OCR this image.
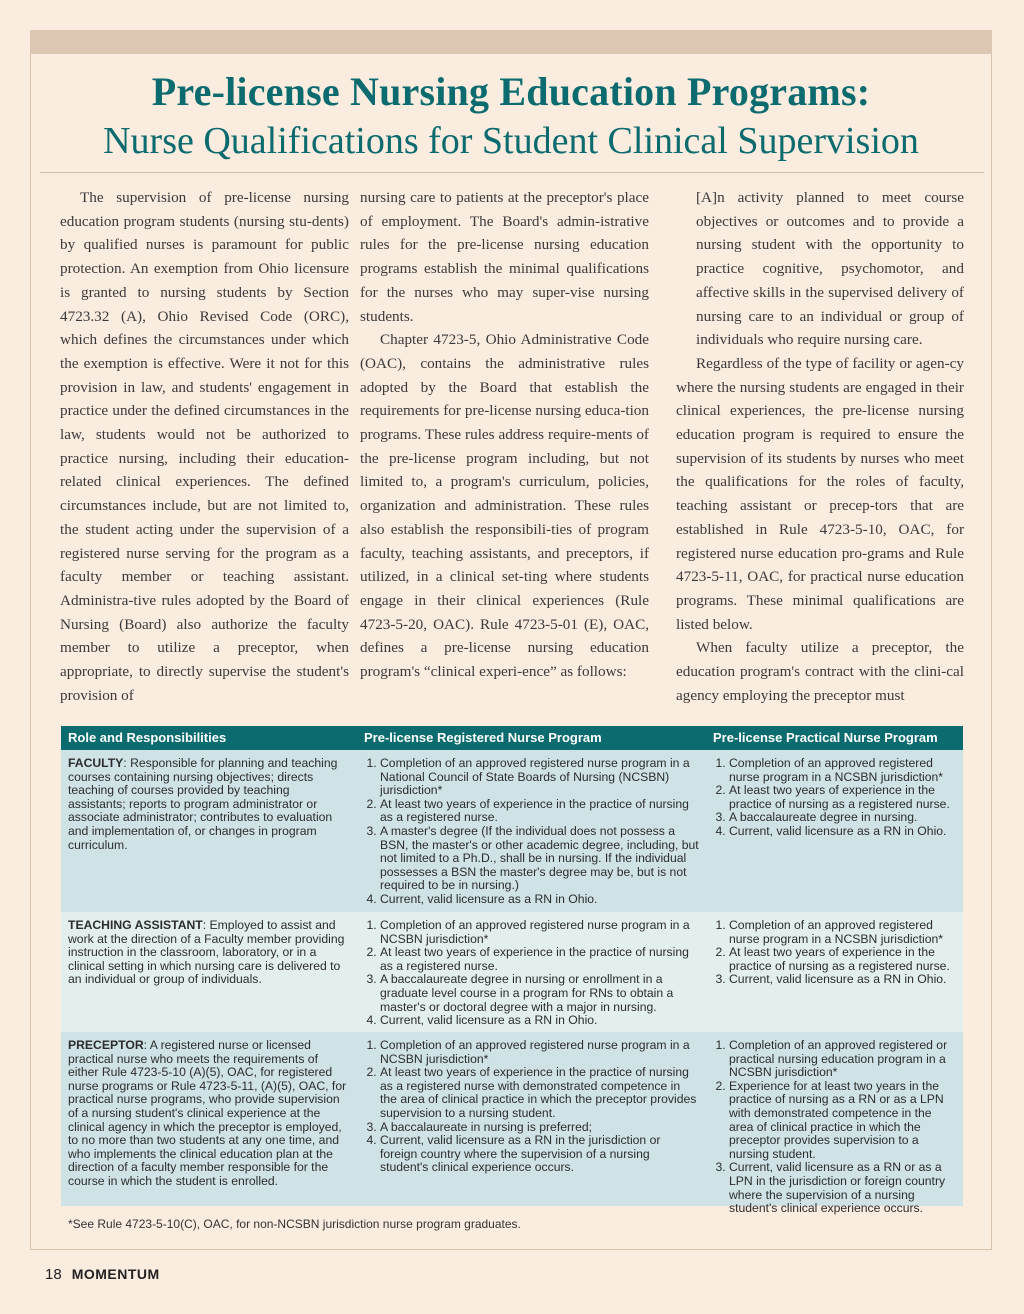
Pre-license Nursing Education Programs:
Nurse Qualifications for Student Clinical Supervision

The supervision of pre-license nursing education program students (nursing stu-dents) by qualified nurses is paramount for public protection. An exemption from Ohio licensure is granted to nursing students by Section 4723.32 (A), Ohio Revised Code (ORC), which defines the circumstances under which the exemption is effective. Were it not for this provision in law, and students' engagement in practice under the defined circumstances in the law, students would not be authorized to practice nursing, including their education-related clinical experiences. The defined circumstances include, but are not limited to, the student acting under the supervision of a registered nurse serving for the program as a faculty member or teaching assistant. Administra-tive rules adopted by the Board of Nursing (Board) also authorize the faculty member to utilize a preceptor, when appropriate, to directly supervise the student's provision of

nursing care to patients at the preceptor's place of employment. The Board's admin-istrative rules for the pre-license nursing education programs establish the minimal qualifications for the nurses who may super-vise nursing students.

Chapter 4723-5, Ohio Administrative Code (OAC), contains the administrative rules adopted by the Board that establish the requirements for pre-license nursing educa-tion programs. These rules address require-ments of the pre-license program including, but not limited to, a program's curriculum, policies, organization and administration. These rules also establish the responsibili-ties of program faculty, teaching assistants, and preceptors, if utilized, in a clinical set-ting where students engage in their clinical experiences (Rule 4723-5-20, OAC). Rule 4723-5-01 (E), OAC, defines a pre-license nursing education program's “clinical experi-ence” as follows:

[A]n activity planned to meet course objectives or outcomes and to provide a nursing student with the opportunity to practice cognitive, psychomotor, and affective skills in the supervised delivery of nursing care to an individual or group of individuals who require nursing care.

Regardless of the type of facility or agen-cy where the nursing students are engaged in their clinical experiences, the pre-license nursing education program is required to ensure the supervision of its students by nurses who meet the qualifications for the roles of faculty, teaching assistant or precep-tors that are established in Rule 4723-5-10, OAC, for registered nurse education pro-grams and Rule 4723-5-11, OAC, for practical nurse education programs. These minimal qualifications are listed below.

When faculty utilize a preceptor, the education program's contract with the clini-cal agency employing the preceptor must

Role and Responsibilities	Pre-license Registered Nurse Program	Pre-license Practical Nurse Program
FACULTY: Responsible for planning and teaching courses containing nursing objectives; directs teaching of courses provided by teaching assistants; reports to program administrator or associate administrator; contributes to evaluation and implementation of, or changes in program curriculum.
1. Completion of an approved registered nurse program in a National Council of State Boards of Nursing (NCSBN) jurisdiction*
2. At least two years of experience in the practice of nursing as a registered nurse.
3. A master's degree (If the individual does not possess a BSN, the master's or other academic degree, including, but not limited to a Ph.D., shall be in nursing. If the individual possesses a BSN the master's degree may be, but is not required to be in nursing.)
4. Current, valid licensure as a RN in Ohio.
1. Completion of an approved registered nurse program in a NCSBN jurisdiction*
2. At least two years of experience in the practice of nursing as a registered nurse.
3. A baccalaureate degree in nursing.
4. Current, valid licensure as a RN in Ohio.
TEACHING ASSISTANT: Employed to assist and work at the direction of a Faculty member providing instruction in the classroom, laboratory, or in a clinical setting in which nursing care is delivered to an individual or group of individuals.
1. Completion of an approved registered nurse program in a NCSBN jurisdiction*
2. At least two years of experience in the practice of nursing as a registered nurse.
3. A baccalaureate degree in nursing or enrollment in a graduate level course in a program for RNs to obtain a master's or doctoral degree with a major in nursing.
4. Current, valid licensure as a RN in Ohio.
1. Completion of an approved registered nurse program in a NCSBN jurisdiction*
2. At least two years of experience in the practice of nursing as a registered nurse.
3. Current, valid licensure as a RN in Ohio.
PRECEPTOR: A registered nurse or licensed practical nurse who meets the requirements of either Rule 4723-5-10 (A)(5), OAC, for registered nurse programs or Rule 4723-5-11, (A)(5), OAC, for practical nurse programs, who provide supervision of a nursing student's clinical experience at the clinical agency in which the preceptor is employed, to no more than two students at any one time, and who implements the clinical education plan at the direction of a faculty member responsible for the course in which the student is enrolled.
1. Completion of an approved registered nurse program in a NCSBN jurisdiction*
2. At least two years of experience in the practice of nursing as a registered nurse with demonstrated competence in the area of clinical practice in which the preceptor provides supervision to a nursing student.
3. A baccalaureate in nursing is preferred;
4. Current, valid licensure as a RN in the jurisdiction or foreign country where the supervision of a nursing student's clinical experience occurs.
1. Completion of an approved registered or practical nursing education program in a NCSBN jurisdiction*
2. Experience for at least two years in the practice of nursing as a RN or as a LPN with demonstrated competence in the area of clinical practice in which the preceptor provides supervision to a nursing student.
3. Current, valid licensure as a RN or as a LPN in the jurisdiction or foreign country where the supervision of a nursing student's clinical experience occurs.
*See Rule 4723-5-10(C), OAC, for non-NCSBN jurisdiction nurse program graduates.
18 MOMENTUM
